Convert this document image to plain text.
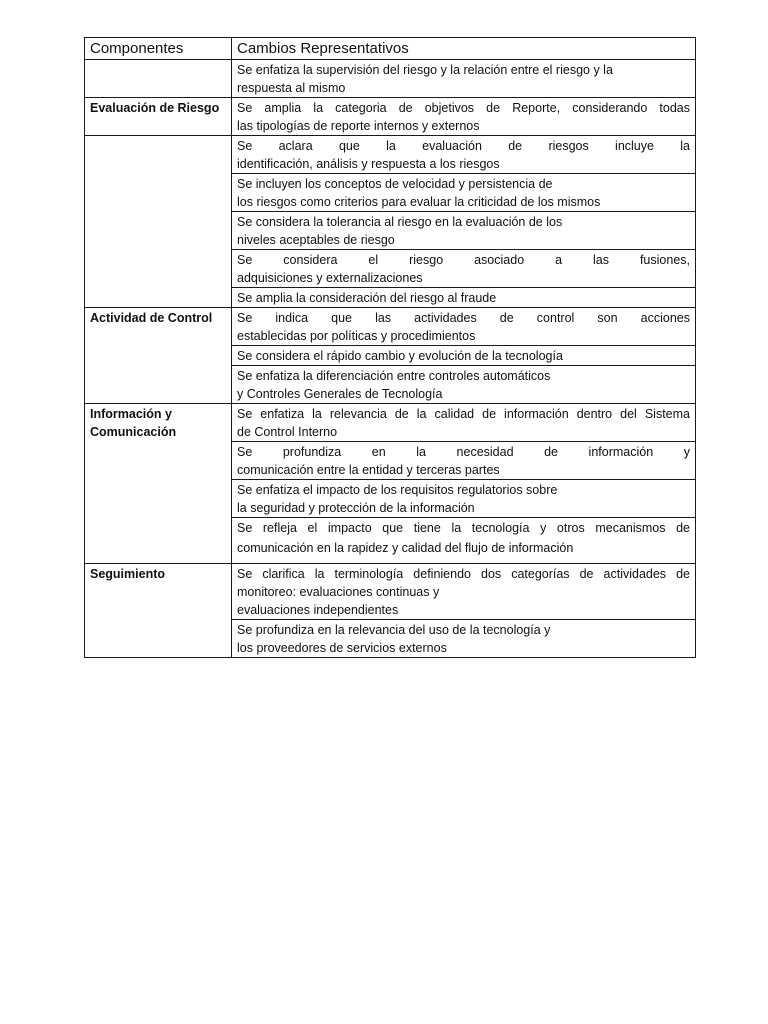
Componentes	Cambios Representativos

	Se enfatiza la supervisión del riesgo y la relación entre el riesgo y la
respuesta al mismo

Evaluación de Riesgo	Se amplia la categoria de objetivos de Reporte, considerando todas
las tipologías de reporte internos y externos

	Se aclara que la evaluación de riesgos incluye la
identificación, análisis y respuesta a los riesgos

	Se incluyen los conceptos de velocidad y persistencia de
los riesgos como criterios para evaluar la criticidad de los mismos

	Se considera la tolerancia al riesgo en la evaluación de los
niveles aceptables de riesgo

	Se considera el riesgo asociado a las fusiones,
adquisiciones y externalizaciones

	Se amplia la consideración del riesgo al fraude

Actividad de Control	Se indica que las actividades de control son acciones
establecidas por políticas y procedimientos

	Se considera el rápido cambio y evolución de la tecnología

	Se enfatiza la diferenciación entre controles automáticos
y Controles Generales de Tecnología

Información y
Comunicación	Se enfatiza la relevancia de la calidad de información dentro del Sistema
de Control Interno

	Se profundiza en la necesidad de información y
comunicación entre la entidad y terceras partes

	Se enfatiza el impacto de los requisitos regulatorios sobre
la seguridad y protección de la información

	Se refleja el impacto que tiene la tecnología y otros mecanismos de
comunicación en la rapidez y calidad del flujo de información

Seguimiento	Se clarifica la terminología definiendo dos categorías de actividades de
monitoreo: evaluaciones continuas y
evaluaciones independientes

	Se profundiza en la relevancia del uso de la tecnología y
los proveedores de servicios externos
